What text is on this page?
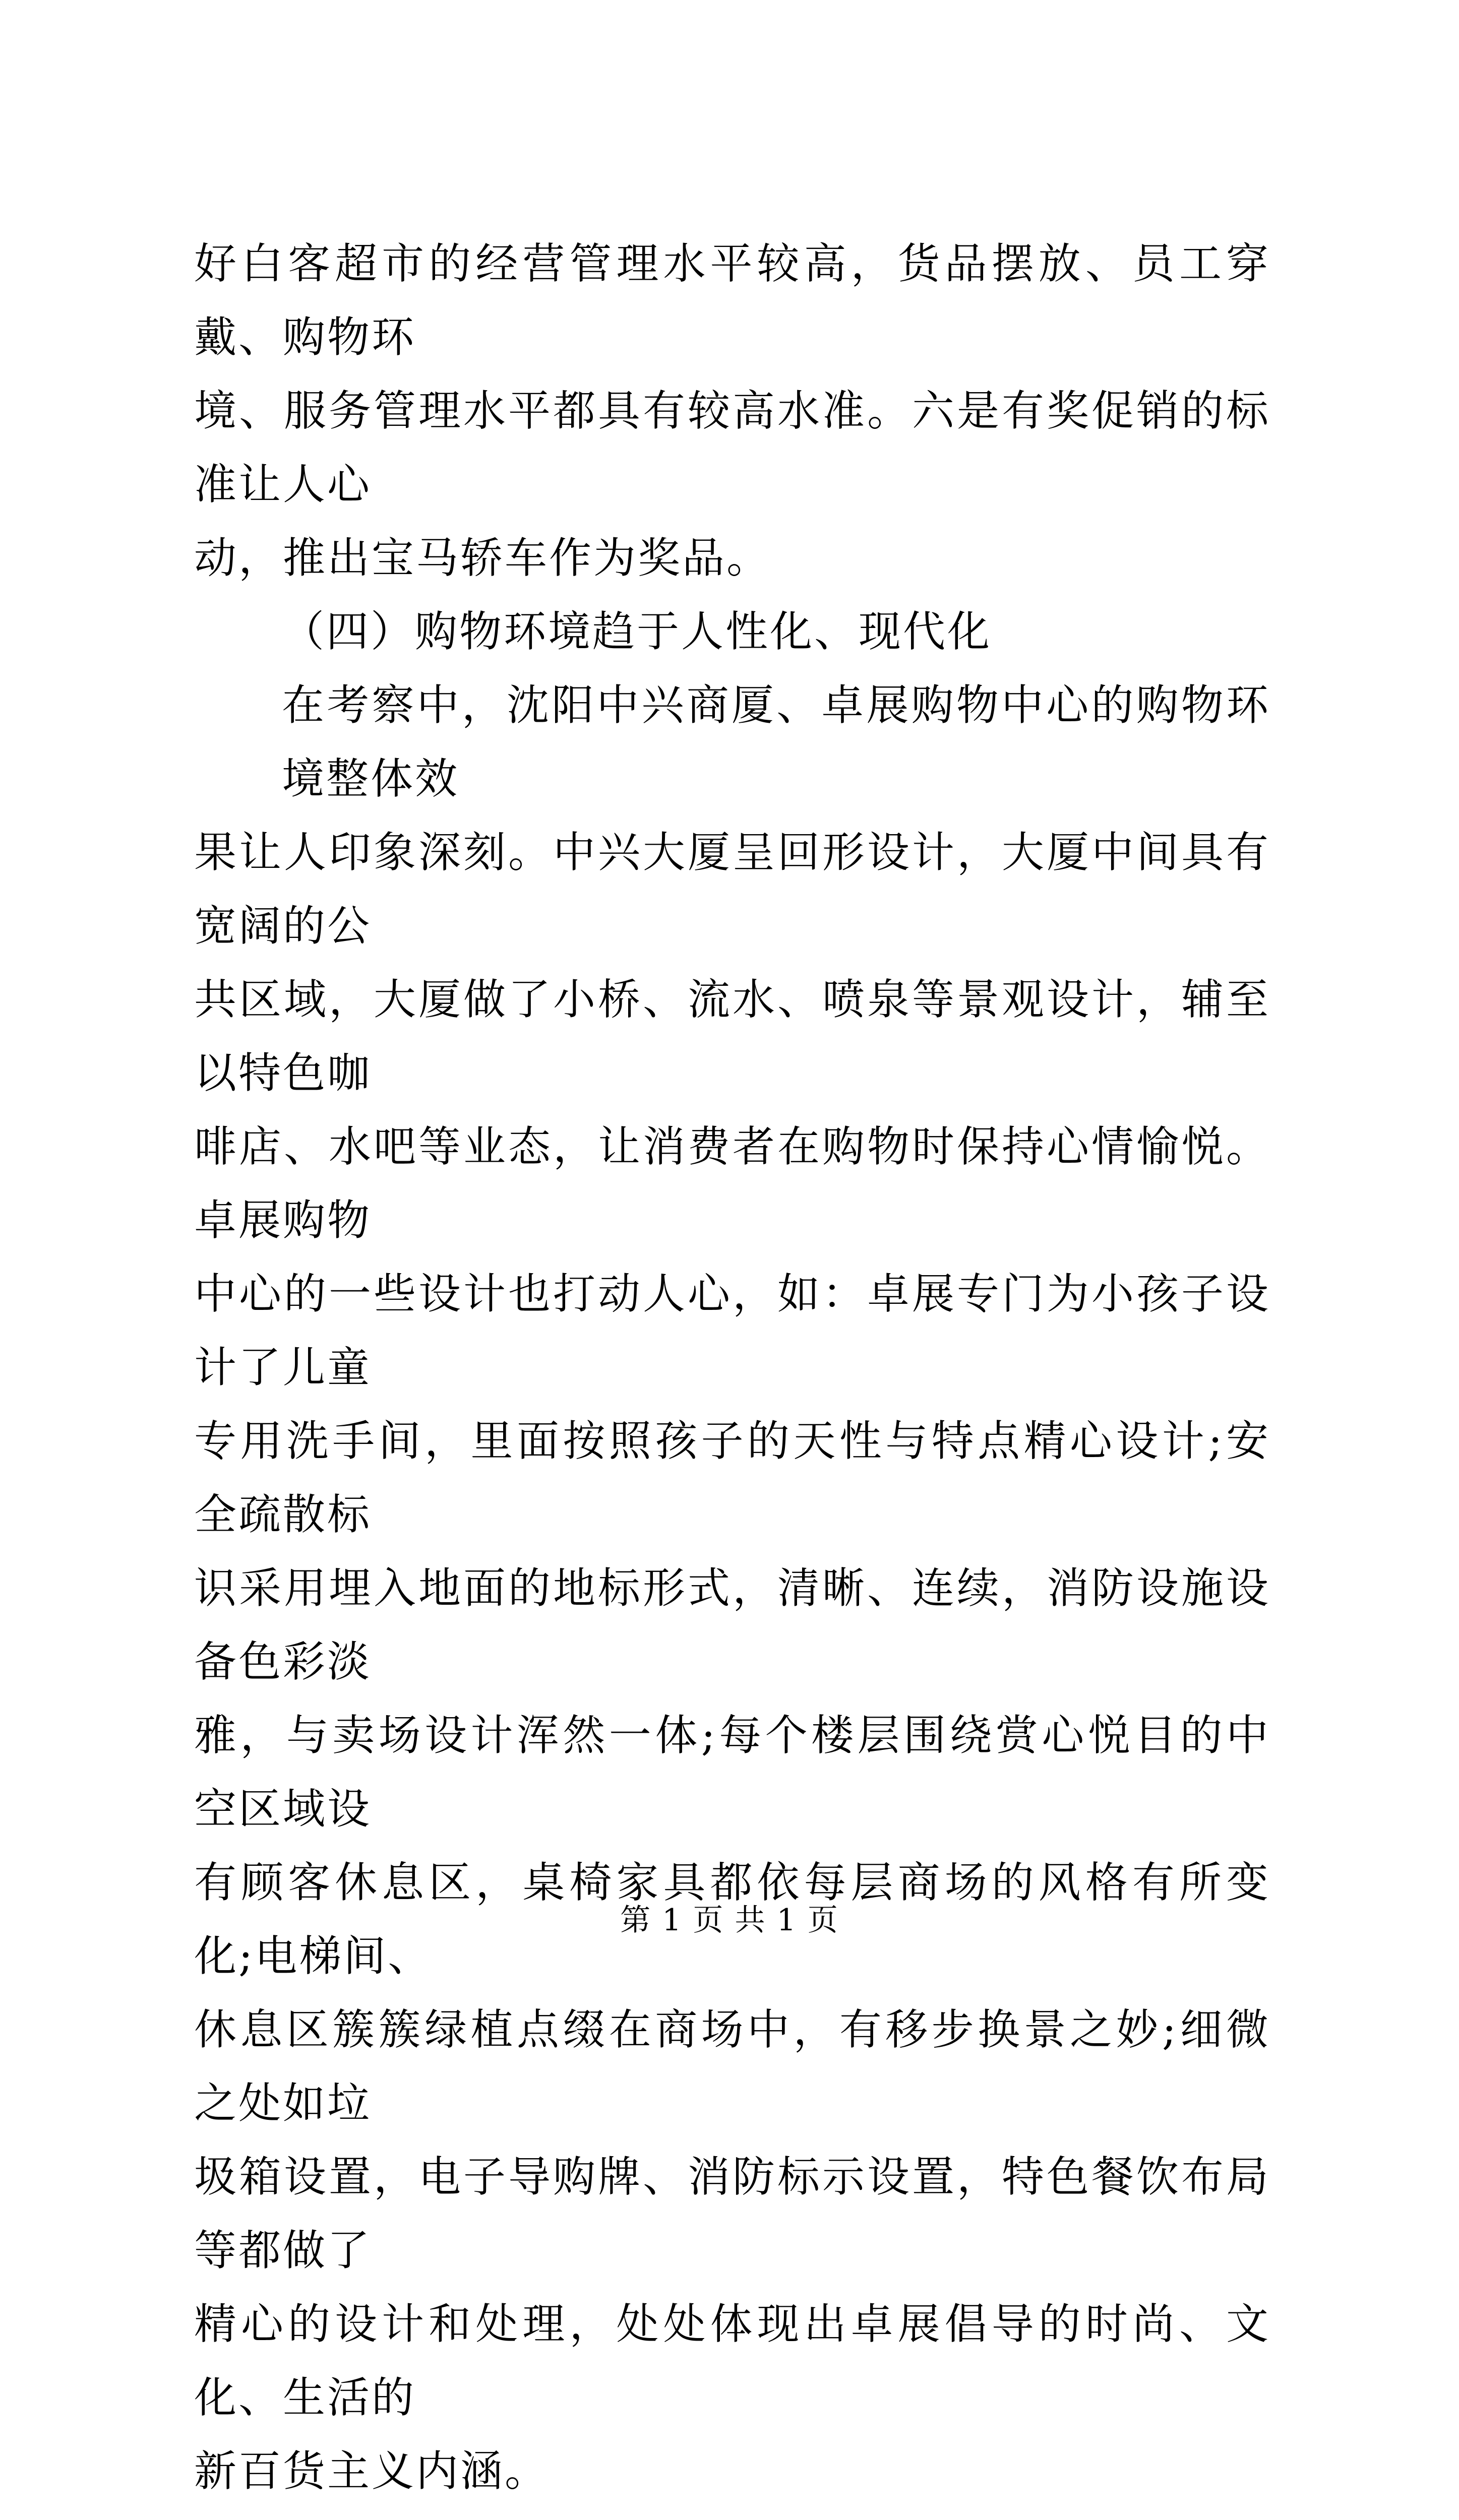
好白客超市的经营管理水平较高，货品摆放、员工穿戴、购物环
境、服务管理水平都具有较高水准。六是有奖促销的标准让人心
动，推出宝马轿车作为奖品。

（四）购物环境趋于人性化、现代化

在考察中，沈阳中兴商厦、卓展购物中心的购物环境整体效
果让人印象深刻。中兴大厦呈回形设计，大厦中间具有宽阔的公
共区域，大厦做了小桥、流水、喷泉等景观设计，辅至以特色咖
啡店、水吧等业态，让消费者在购物时保持心情愉悦。卓展购物
中心的一些设计也打动人心，如：卓展专门为小孩子设计了儿童
专用洗手间，里面按照孩子的天性与特点精心设计;安全疏散标
识采用埋入地面的地标形式，清晰、连续，消防设施设备色彩淡
雅，与卖场设计浑然一体;每个楼层围绕赏心悦目的中空区域设
有顾客休息区，桌椅家具都依每层商场的风格有所变化;电梯间、
休息区簇簇绿植点缀在商场中，有移步换景之妙;细微之处如垃
圾箱设置，电子导购牌、消防标示设置，特色餐饮布局等都做了
精心的设计和处理，处处体现出卓展倡导的时尚、文化、生活的
新百货主义内涵。

第 1 页 共 1 页
